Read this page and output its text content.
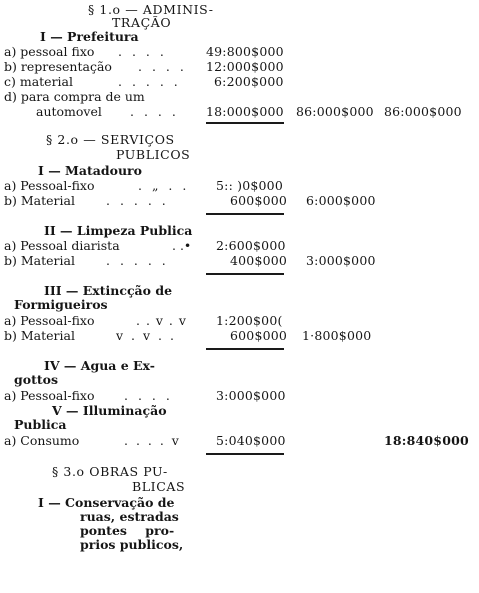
§ 1.o — ADMINIS-
TRAÇÃO
I — Prefeitura
a) pessoal fixo . . . .	49:800$000
b) representação . . . . 12:000$000
c) material	. . . . .	6:200$000
d) para compra de um
automovel . . . . 18:000$000 86:000$000 86:000$000
§ 2.o — SERVIÇOS
PUBLICOS
I — Matadouro
a) Pessoal-fixo	. „ . . 5:: )0$000
b) Material . . . . .	600$000 6:000$000
II — Limpeza Publica
a) Pessoal diarista	. .• 2:600$000
b) Material . . . . .	400$000 3:000$000
III — Extincção de
Formigueiros
a) Pessoal-fixo	. . v . v 1:200$00(
b) Material	v . v . .	600$000 1·800$000
IV — Agua e Ex-
gottos
a) Pessoal-fixo . . . .	3:000$000
V — Illuminação
Publica
a) Consumo	. . . . v	5:040$000	18:840$000
§ 3.o OBRAS PU-
BLICAS
I — Conservação de
ruas, estradas
pontes pro-
prios publicos,
